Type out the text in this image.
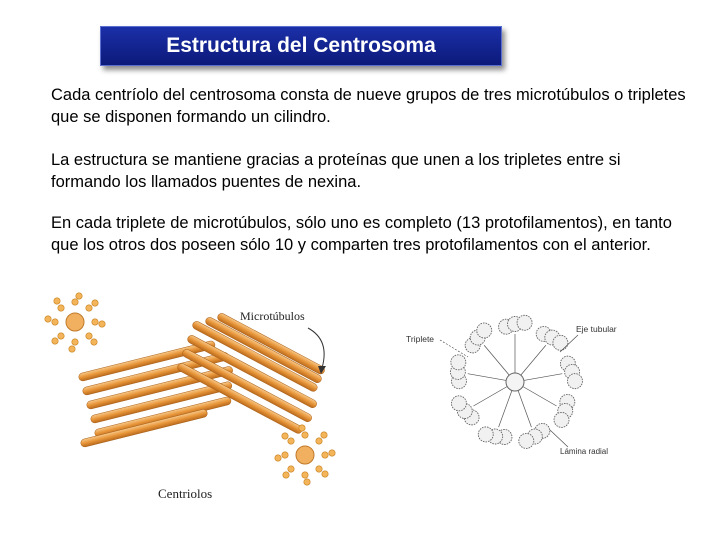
Estructura del Centrosoma
Cada centríolo del centrosoma consta de nueve grupos de tres microtúbulos o tripletes que se disponen formando un cilindro.
La estructura se mantiene gracias a proteínas que unen a los tripletes entre si formando los llamados puentes de nexina.
En cada triplete de microtúbulos, sólo uno es completo (13 protofilamentos), en tanto que los otros dos poseen sólo 10 y comparten tres protofilamentos con el anterior.
Microtúbulos
Centriolos
Triplete
Eje tubular
Lámina radial
